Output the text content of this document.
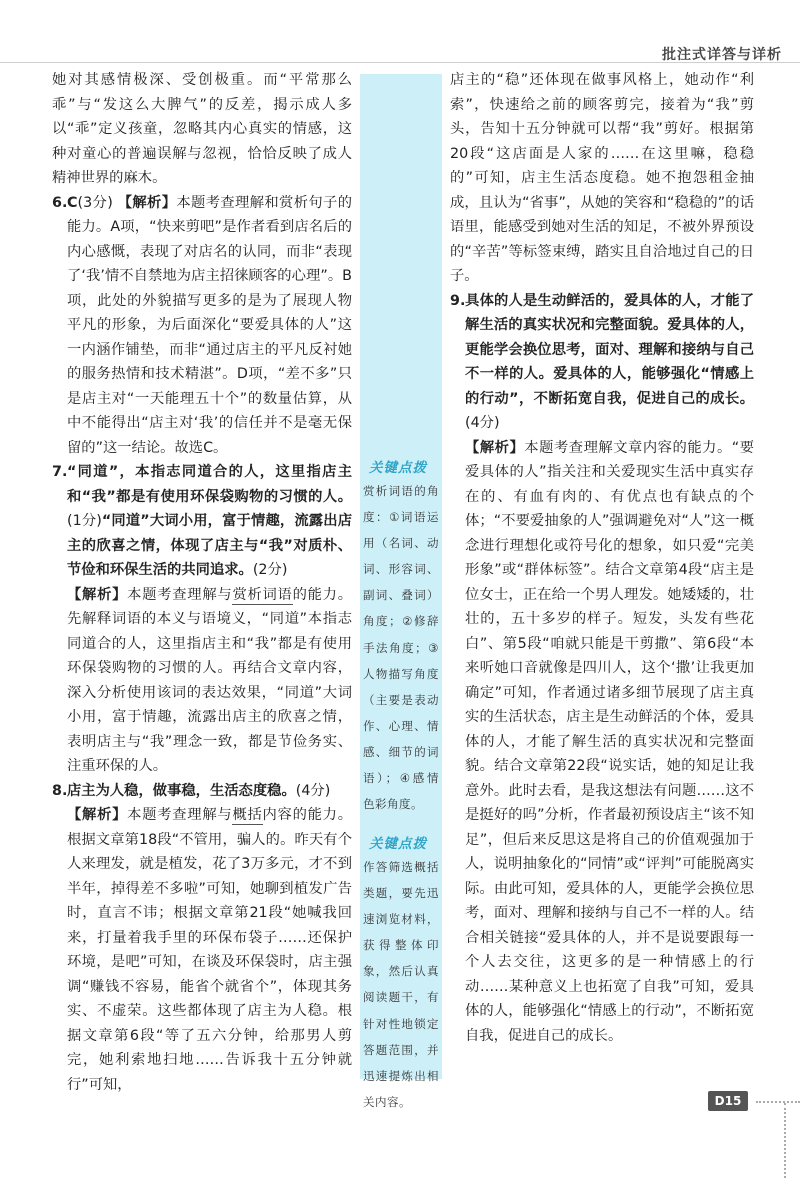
批注式详答与详析

她对其感情极深、受创极重。而“平常那么乖”与“发这么大脾气”的反差，揭示成人多以“乖”定义孩童，忽略其内心真实的情感，这种对童心的普遍误解与忽视，恰恰反映了成人精神世界的麻木。

6.C(3分) 【解析】本题考查理解和赏析句子的能力。A项，“快来剪吧”是作者看到店名后的内心感慨，表现了对店名的认同，而非“表现了‘我’情不自禁地为店主招徕顾客的心理”。B项，此处的外貌描写更多的是为了展现人物平凡的形象，为后面深化“要爱具体的人”这一内涵作铺垫，而非“通过店主的平凡反衬她的服务热情和技术精湛”。D项，“差不多”只是店主对“一天能理五十个”的数量估算，从中不能得出“店主对‘我’的信任并不是毫无保留的”这一结论。故选C。

7.“同道”，本指志同道合的人，这里指店主和“我”都是有使用环保袋购物的习惯的人。(1分)“同道”大词小用，富于情趣，流露出店主的欣喜之情，体现了店主与“我”对质朴、节俭和环保生活的共同追求。(2分)

【解析】本题考查理解与赏析词语的能力。先解释词语的本义与语境义，“同道”本指志同道合的人，这里指店主和“我”都是有使用环保袋购物的习惯的人。再结合文章内容，深入分析使用该词的表达效果，“同道”大词小用，富于情趣，流露出店主的欣喜之情，表明店主与“我”理念一致，都是节俭务实、注重环保的人。

8.店主为人稳，做事稳，生活态度稳。(4分)

【解析】本题考查理解与概括内容的能力。根据文章第18段“不管用，骗人的。昨天有个人来理发，就是植发，花了3万多元，才不到半年，掉得差不多啦”可知，她聊到植发广告时，直言不讳；根据文章第21段“她喊我回来，打量着我手里的环保布袋子……还保护环境，是吧”可知，在谈及环保袋时，店主强调“赚钱不容易，能省个就省个”，体现其务实、不虚荣。这些都体现了店主为人稳。根据文章第6段“等了五六分钟，给那男人剪完，她利索地扫地……告诉我十五分钟就行”可知，

关键点拨
赏析词语的角度：①词语运用（名词、动词、形容词、副词、叠词）角度；②修辞手法角度；③人物描写角度（主要是表动作、心理、情感、细节的词语）；④感情色彩角度。
关键点拨
作答筛选概括类题，要先迅速浏览材料，获得整体印象，然后认真阅读题干，有针对性地锁定答题范围，并迅速提炼出相关内容。

店主的“稳”还体现在做事风格上，她动作“利索”，快速给之前的顾客剪完，接着为“我”剪头，告知十五分钟就可以帮“我”剪好。根据第20段“这店面是人家的……在这里嘛，稳稳的”可知，店主生活态度稳。她不抱怨租金抽成，且认为“省事”，从她的笑容和“稳稳的”的话语里，能感受到她对生活的知足，不被外界预设的“辛苦”等标签束缚，踏实且自洽地过自己的日子。

9.具体的人是生动鲜活的，爱具体的人，才能了解生活的真实状况和完整面貌。爱具体的人，更能学会换位思考，面对、理解和接纳与自己不一样的人。爱具体的人，能够强化“情感上的行动”，不断拓宽自我，促进自己的成长。(4分)

【解析】本题考查理解文章内容的能力。“要爱具体的人”指关注和关爱现实生活中真实存在的、有血有肉的、有优点也有缺点的个体；“不要爱抽象的人”强调避免对“人”这一概念进行理想化或符号化的想象，如只爱“完美形象”或“群体标签”。结合文章第4段“店主是位女士，正在给一个男人理发。她矮矮的，壮壮的，五十多岁的样子。短发，头发有些花白”、第5段“咱就只能是干剪撒”、第6段“本来听她口音就像是四川人，这个‘撒’让我更加确定”可知，作者通过诸多细节展现了店主真实的生活状态，店主是生动鲜活的个体，爱具体的人，才能了解生活的真实状况和完整面貌。结合文章第22段“说实话，她的知足让我意外。此时去看，是我这想法有问题……这不是挺好的吗”分析，作者最初预设店主“该不知足”，但后来反思这是将自己的价值观强加于人，说明抽象化的“同情”或“评判”可能脱离实际。由此可知，爱具体的人，更能学会换位思考，面对、理解和接纳与自己不一样的人。结合相关链接“爱具体的人，并不是说要跟每一个人去交往，这更多的是一种情感上的行动……某种意义上也拓宽了自我”可知，爱具体的人，能够强化“情感上的行动”，不断拓宽自我，促进自己的成长。

D15
